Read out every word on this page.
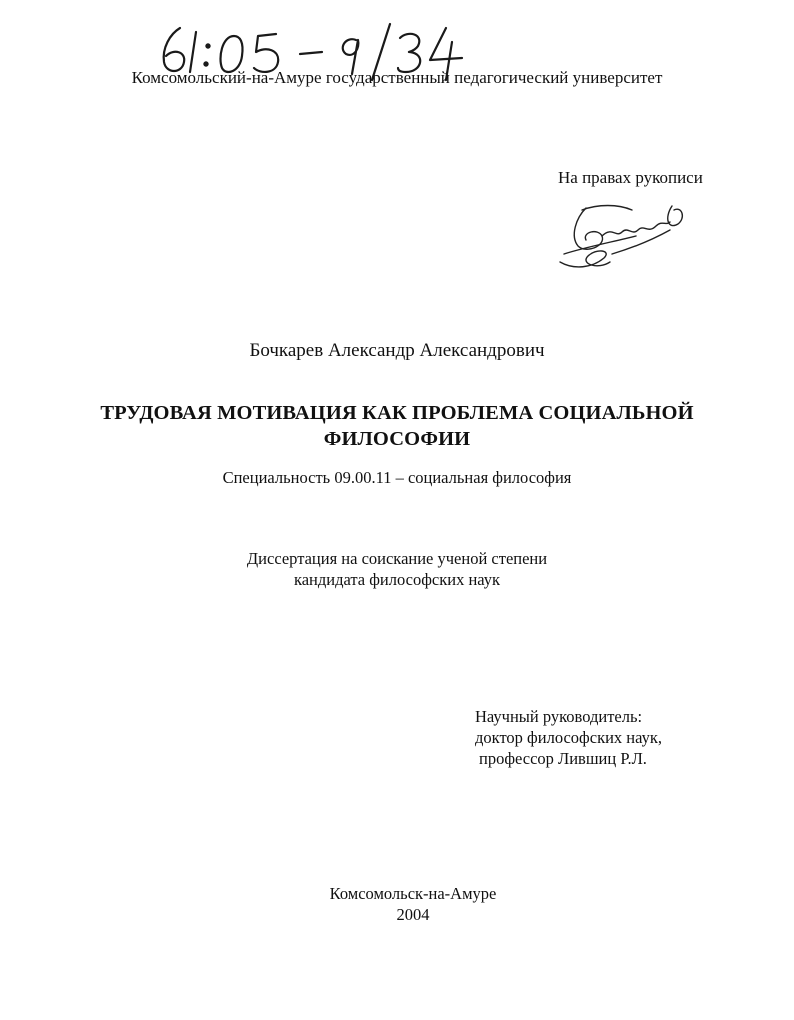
Комсомольский-на-Амуре государственный педагогический университет
На правах рукописи
Бочкарев Александр Александрович
ТРУДОВАЯ МОТИВАЦИЯ КАК ПРОБЛЕМА СОЦИАЛЬНОЙ
ФИЛОСОФИИ
Специальность 09.00.11 – социальная философия
Диссертация на соискание ученой степени
кандидата философских наук
Научный руководитель:
доктор философских наук,
профессор Лившиц Р.Л.
Комсомольск-на-Амуре
2004
